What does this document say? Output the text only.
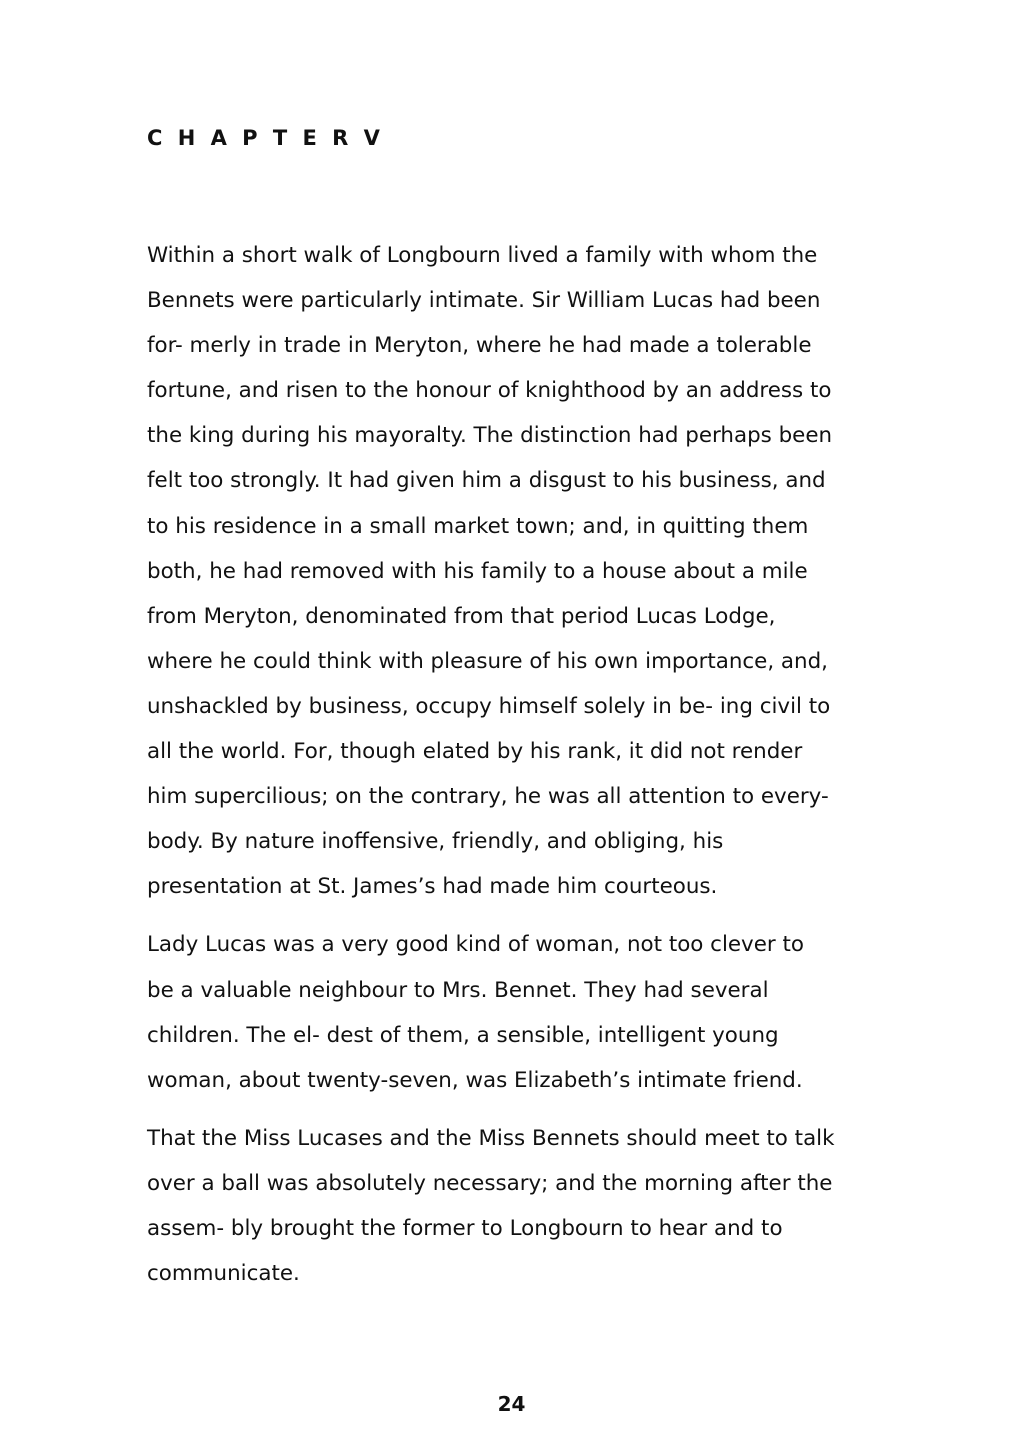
C H A P T E R V

Within a short walk of Longbourn lived a family with whom the
Bennets were particularly intimate. Sir William Lucas had been
for- merly in trade in Meryton, where he had made a tolerable
fortune, and risen to the honour of knighthood by an address to
the king during his mayoralty. The distinction had perhaps been
felt too strongly. It had given him a disgust to his business, and
to his residence in a small market town; and, in quitting them
both, he had removed with his family to a house about a mile
from Meryton, denominated from that period Lucas Lodge,
where he could think with pleasure of his own importance, and,
unshackled by business, occupy himself solely in be- ing civil to
all the world. For, though elated by his rank, it did not render
him supercilious; on the contrary, he was all attention to every-
body. By nature inoffensive, friendly, and obliging, his
presentation at St. James’s had made him courteous.

Lady Lucas was a very good kind of woman, not too clever to
be a valuable neighbour to Mrs. Bennet. They had several
children. The el- dest of them, a sensible, intelligent young
woman, about twenty-seven, was Elizabeth’s intimate friend.

That the Miss Lucases and the Miss Bennets should meet to talk
over a ball was absolutely necessary; and the morning after the
assem- bly brought the former to Longbourn to hear and to
communicate.

24
